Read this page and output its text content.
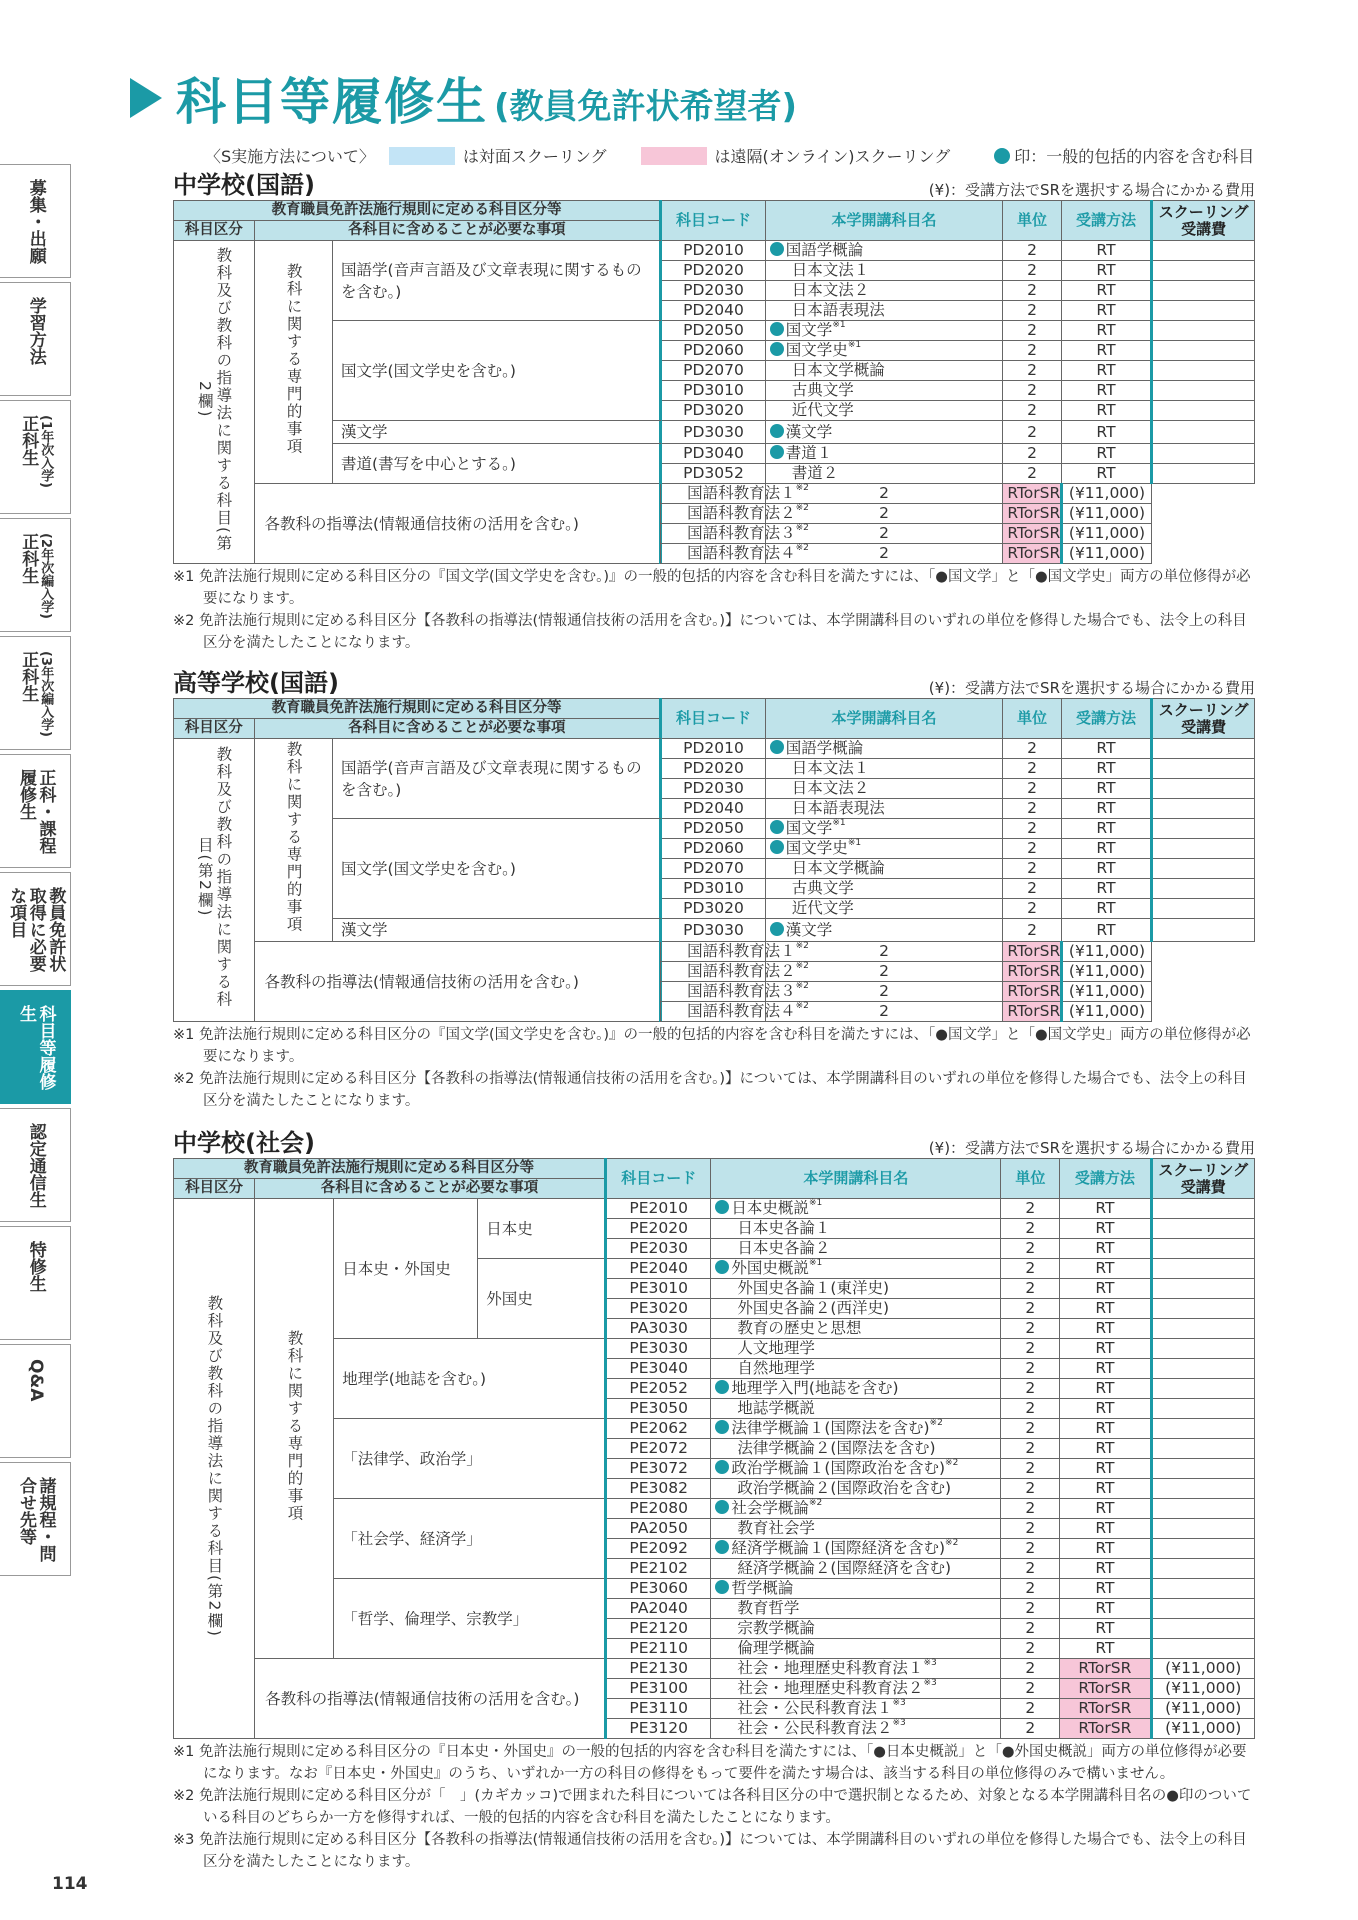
科目等履修生 (教員免許状希望者)
〈S実施方法について〉	は対面スクーリング	は遠隔(オンライン)スクーリング	印：一般的包括的内容を含む科目
募集・出願
学習方法
正科生 (1年次入学)
正科生 (2年次編入学)
正科生 (3年次編入学)
正科・課程履修生
教員免許状取得に必要な項目
科目等履修生
認定通信生
特修生
Q&A
諸規程・問合せ先等
中学校(国語)	(¥)：受講方法でSRを選択する場合にかかる費用
教育職員免許法施行規則に定める科目区分等			科目コード	本学開講科目名	単位	受講方法	スクーリング受講費
科目区分	各科目に含めることが必要な事項						
教科及び教科の指導法に関する科目(第2欄)	教科に関する専門的事項	国語学(音声言語及び文章表現に関するものを含む。)	PD2010	国語学概論	2	RT	
			PD2020	日本文法１	2	RT	
			PD2030	日本文法２	2	RT	
			PD2040	日本語表現法	2	RT	
		国文学(国文学史を含む。)	PD2050	国文学$^{※1}$	2	RT	
			PD2060	国文学史$^{※1}$	2	RT	
			PD2070	日本文学概論	2	RT	
			PD3010	古典文学	2	RT	
			PD3020	近代文学	2	RT	
		漢文学	PD3030	漢文学	2	RT	
		書道(書写を中心とする。)	PD3040	書道１	2	RT	
			PD3052	書道２	2	RT	
	各教科の指導法(情報通信技術の活用を含む。)		国語科教育法１$^{※2}$	2	RTorSR	(¥11,000)	
	国語科教育法２$^{※2}$	2	RTorSR	(¥11,000)	
	国語科教育法３$^{※2}$	2	RTorSR	(¥11,000)	
	国語科教育法４$^{※2}$	2	RTorSR	(¥11,000)	

※1 免許法施行規則に定める科目区分の『国文学(国文学史を含む。)』の一般的包括的内容を含む科目を満たすには、「●国文学」と「●国文学史」両方の単位修得が必要になります。

※2 免許法施行規則に定める科目区分【各教科の指導法(情報通信技術の活用を含む。)】については、本学開講科目のいずれの単位を修得した場合でも、法令上の科目区分を満たしたことになります。

高等学校(国語)	(¥)：受講方法でSRを選択する場合にかかる費用
教育職員免許法施行規則に定める科目区分等			科目コード	本学開講科目名	単位	受講方法	スクーリング受講費
科目区分	各科目に含めることが必要な事項						
教科及び教科の指導法に関する科目(第2欄)	教科に関する専門的事項	国語学(音声言語及び文章表現に関するものを含む。)	PD2010	国語学概論	2	RT	
			PD2020	日本文法１	2	RT	
			PD2030	日本文法２	2	RT	
			PD2040	日本語表現法	2	RT	
		国文学(国文学史を含む。)	PD2050	国文学$^{※1}$	2	RT	
			PD2060	国文学史$^{※1}$	2	RT	
			PD2070	日本文学概論	2	RT	
			PD3010	古典文学	2	RT	
			PD3020	近代文学	2	RT	
		漢文学	PD3030	漢文学	2	RT	
	各教科の指導法(情報通信技術の活用を含む。)		国語科教育法１$^{※2}$	2	RTorSR	(¥11,000)	
	国語科教育法２$^{※2}$	2	RTorSR	(¥11,000)	
	国語科教育法３$^{※2}$	2	RTorSR	(¥11,000)	
	国語科教育法４$^{※2}$	2	RTorSR	(¥11,000)	

※1 免許法施行規則に定める科目区分の『国文学(国文学史を含む。)』の一般的包括的内容を含む科目を満たすには、「●国文学」と「●国文学史」両方の単位修得が必要になります。

※2 免許法施行規則に定める科目区分【各教科の指導法(情報通信技術の活用を含む。)】については、本学開講科目のいずれの単位を修得した場合でも、法令上の科目区分を満たしたことになります。

中学校(社会)	(¥)：受講方法でSRを選択する場合にかかる費用
教育職員免許法施行規則に定める科目区分等				科目コード	本学開講科目名	単位	受講方法	スクーリング受講費
科目区分	各科目に含めることが必要な事項							
教科及び教科の指導法に関する科目(第2欄)	教科に関する専門的事項	日本史・外国史	日本史	PE2010	日本史概説$^{※1}$	2	RT	
				PE2020	日本史各論１	2	RT	
				PE2030	日本史各論２	2	RT	
			外国史	PE2040	外国史概説$^{※1}$	2	RT	
				PE3010	外国史各論１(東洋史)	2	RT	
				PE3020	外国史各論２(西洋史)	2	RT	
				PA3030	教育の歴史と思想	2	RT	
		地理学(地誌を含む。)		PE3030	人文地理学	2	RT	
				PE3040	自然地理学	2	RT	
				PE2052	地理学入門(地誌を含む)	2	RT	
				PE3050	地誌学概説	2	RT	
		「法律学、政治学」		PE2062	法律学概論１(国際法を含む)$^{※2}$	2	RT	
				PE2072	法律学概論２(国際法を含む)	2	RT	
				PE3072	政治学概論１(国際政治を含む)$^{※2}$	2	RT	
				PE3082	政治学概論２(国際政治を含む)	2	RT	
		「社会学、経済学」		PE2080	社会学概論$^{※2}$	2	RT	
				PA2050	教育社会学	2	RT	
				PE2092	経済学概論１(国際経済を含む)$^{※2}$	2	RT	
				PE2102	経済学概論２(国際経済を含む)	2	RT	
		「哲学、倫理学、宗教学」		PE3060	哲学概論	2	RT	
				PA2040	教育哲学	2	RT	
				PE2120	宗教学概論	2	RT	
				PE2110	倫理学概論	2	RT	
	各教科の指導法(情報通信技術の活用を含む。)			PE2130	社会・地理歴史科教育法１$^{※3}$	2	RTorSR	(¥11,000)
				PE3100	社会・地理歴史科教育法２$^{※3}$	2	RTorSR	(¥11,000)
				PE3110	社会・公民科教育法１$^{※3}$	2	RTorSR	(¥11,000)
				PE3120	社会・公民科教育法２$^{※3}$	2	RTorSR	(¥11,000)

※1 免許法施行規則に定める科目区分の『日本史・外国史』の一般的包括的内容を含む科目を満たすには、「●日本史概説」と「●外国史概説」両方の単位修得が必要になります。なお『日本史・外国史』のうち、いずれか一方の科目の修得をもって要件を満たす場合は、該当する科目の単位修得のみで構いません。

※2 免許法施行規則に定める科目区分が「　」(カギカッコ)で囲まれた科目については各科目区分の中で選択制となるため、対象となる本学開講科目名の●印のついている科目のどちらか一方を修得すれば、一般的包括的内容を含む科目を満たしたことになります。

※3 免許法施行規則に定める科目区分【各教科の指導法(情報通信技術の活用を含む。)】については、本学開講科目のいずれの単位を修得した場合でも、法令上の科目区分を満たしたことになります。

114
